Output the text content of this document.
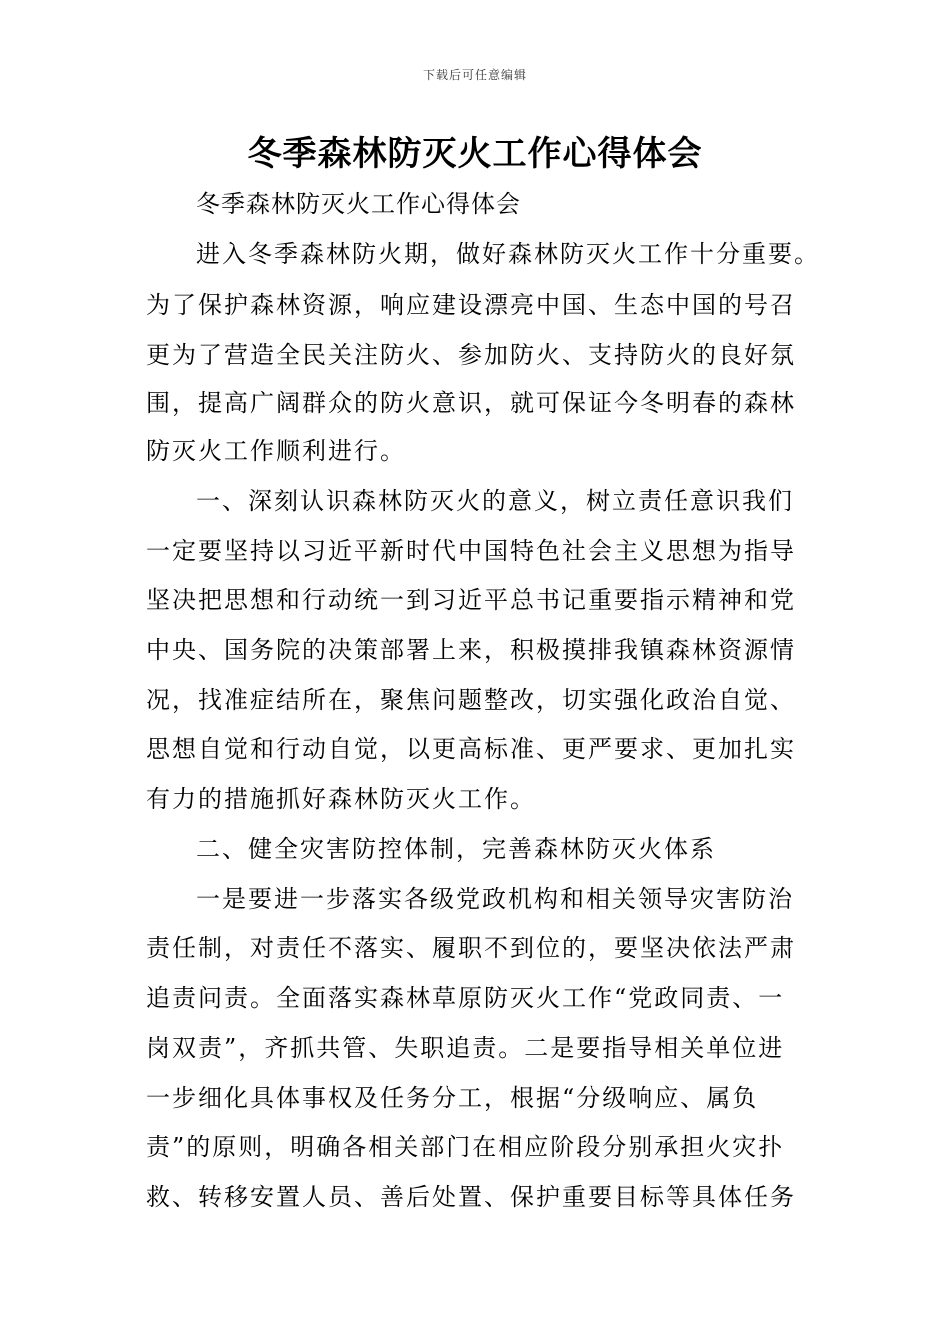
下载后可任意编辑
冬季森林防灭火工作心得体会
冬季森林防灭火工作心得体会
进入冬季森林防火期，做好森林防灭火工作十分重要。
为了保护森林资源，响应建设漂亮中国、生态中国的号召
更为了营造全民关注防火、参加防火、支持防火的良好氛
围，提高广阔群众的防火意识，就可保证今冬明春的森林
防灭火工作顺利进行。
一、深刻认识森林防灭火的意义，树立责任意识我们
一定要坚持以习近平新时代中国特色社会主义思想为指导
坚决把思想和行动统一到习近平总书记重要指示精神和党
中央、国务院的决策部署上来，积极摸排我镇森林资源情
况，找准症结所在，聚焦问题整改，切实强化政治自觉、
思想自觉和行动自觉，以更高标准、更严要求、更加扎实
有力的措施抓好森林防灭火工作。
二、健全灾害防控体制，完善森林防灭火体系
一是要进一步落实各级党政机构和相关领导灾害防治
责任制，对责任不落实、履职不到位的，要坚决依法严肃
追责问责。全面落实森林草原防灭火工作“党政同责、一
岗双责”，齐抓共管、失职追责。二是要指导相关单位进
一步细化具体事权及任务分工，根据“分级响应、属负
责”的原则，明确各相关部门在相应阶段分别承担火灾扑
救、转移安置人员、善后处置、保护重要目标等具体任务
